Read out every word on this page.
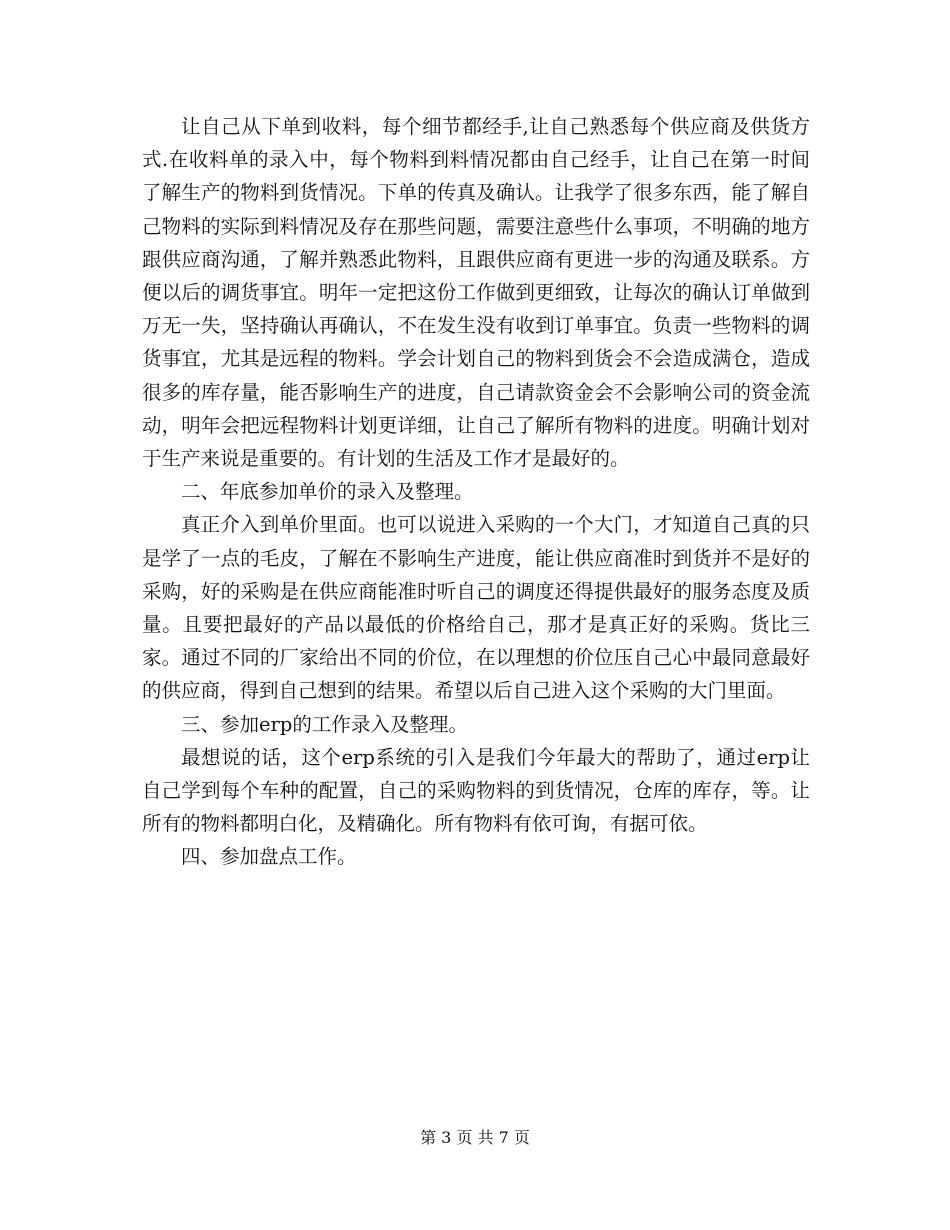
让自己从下单到收料，每个细节都经手,让自己熟悉每个供应商及供货方式.在收料单的录入中，每个物料到料情况都由自己经手，让自己在第一时间了解生产的物料到货情况。下单的传真及确认。让我学了很多东西，能了解自己物料的实际到料情况及存在那些问题，需要注意些什么事项，不明确的地方跟供应商沟通，了解并熟悉此物料，且跟供应商有更进一步的沟通及联系。方便以后的调货事宜。明年一定把这份工作做到更细致，让每次的确认订单做到万无一失，坚持确认再确认，不在发生没有收到订单事宜。负责一些物料的调货事宜，尤其是远程的物料。学会计划自己的物料到货会不会造成满仓，造成很多的库存量，能否影响生产的进度，自己请款资金会不会影响公司的资金流动，明年会把远程物料计划更详细，让自己了解所有物料的进度。明确计划对于生产来说是重要的。有计划的生活及工作才是最好的。

二、年底参加单价的录入及整理。

真正介入到单价里面。也可以说进入采购的一个大门，才知道自己真的只是学了一点的毛皮，了解在不影响生产进度，能让供应商准时到货并不是好的采购，好的采购是在供应商能准时听自己的调度还得提供最好的服务态度及质量。且要把最好的产品以最低的价格给自己，那才是真正好的采购。货比三家。通过不同的厂家给出不同的价位，在以理想的价位压自己心中最同意最好的供应商，得到自己想到的结果。希望以后自己进入这个采购的大门里面。

三、参加erp的工作录入及整理。

最想说的话，这个erp系统的引入是我们今年最大的帮助了，通过erp让自己学到每个车种的配置，自己的采购物料的到货情况，仓库的库存，等。让所有的物料都明白化，及精确化。所有物料有依可询，有据可依。

四、参加盘点工作。

第 3 页 共 7 页
